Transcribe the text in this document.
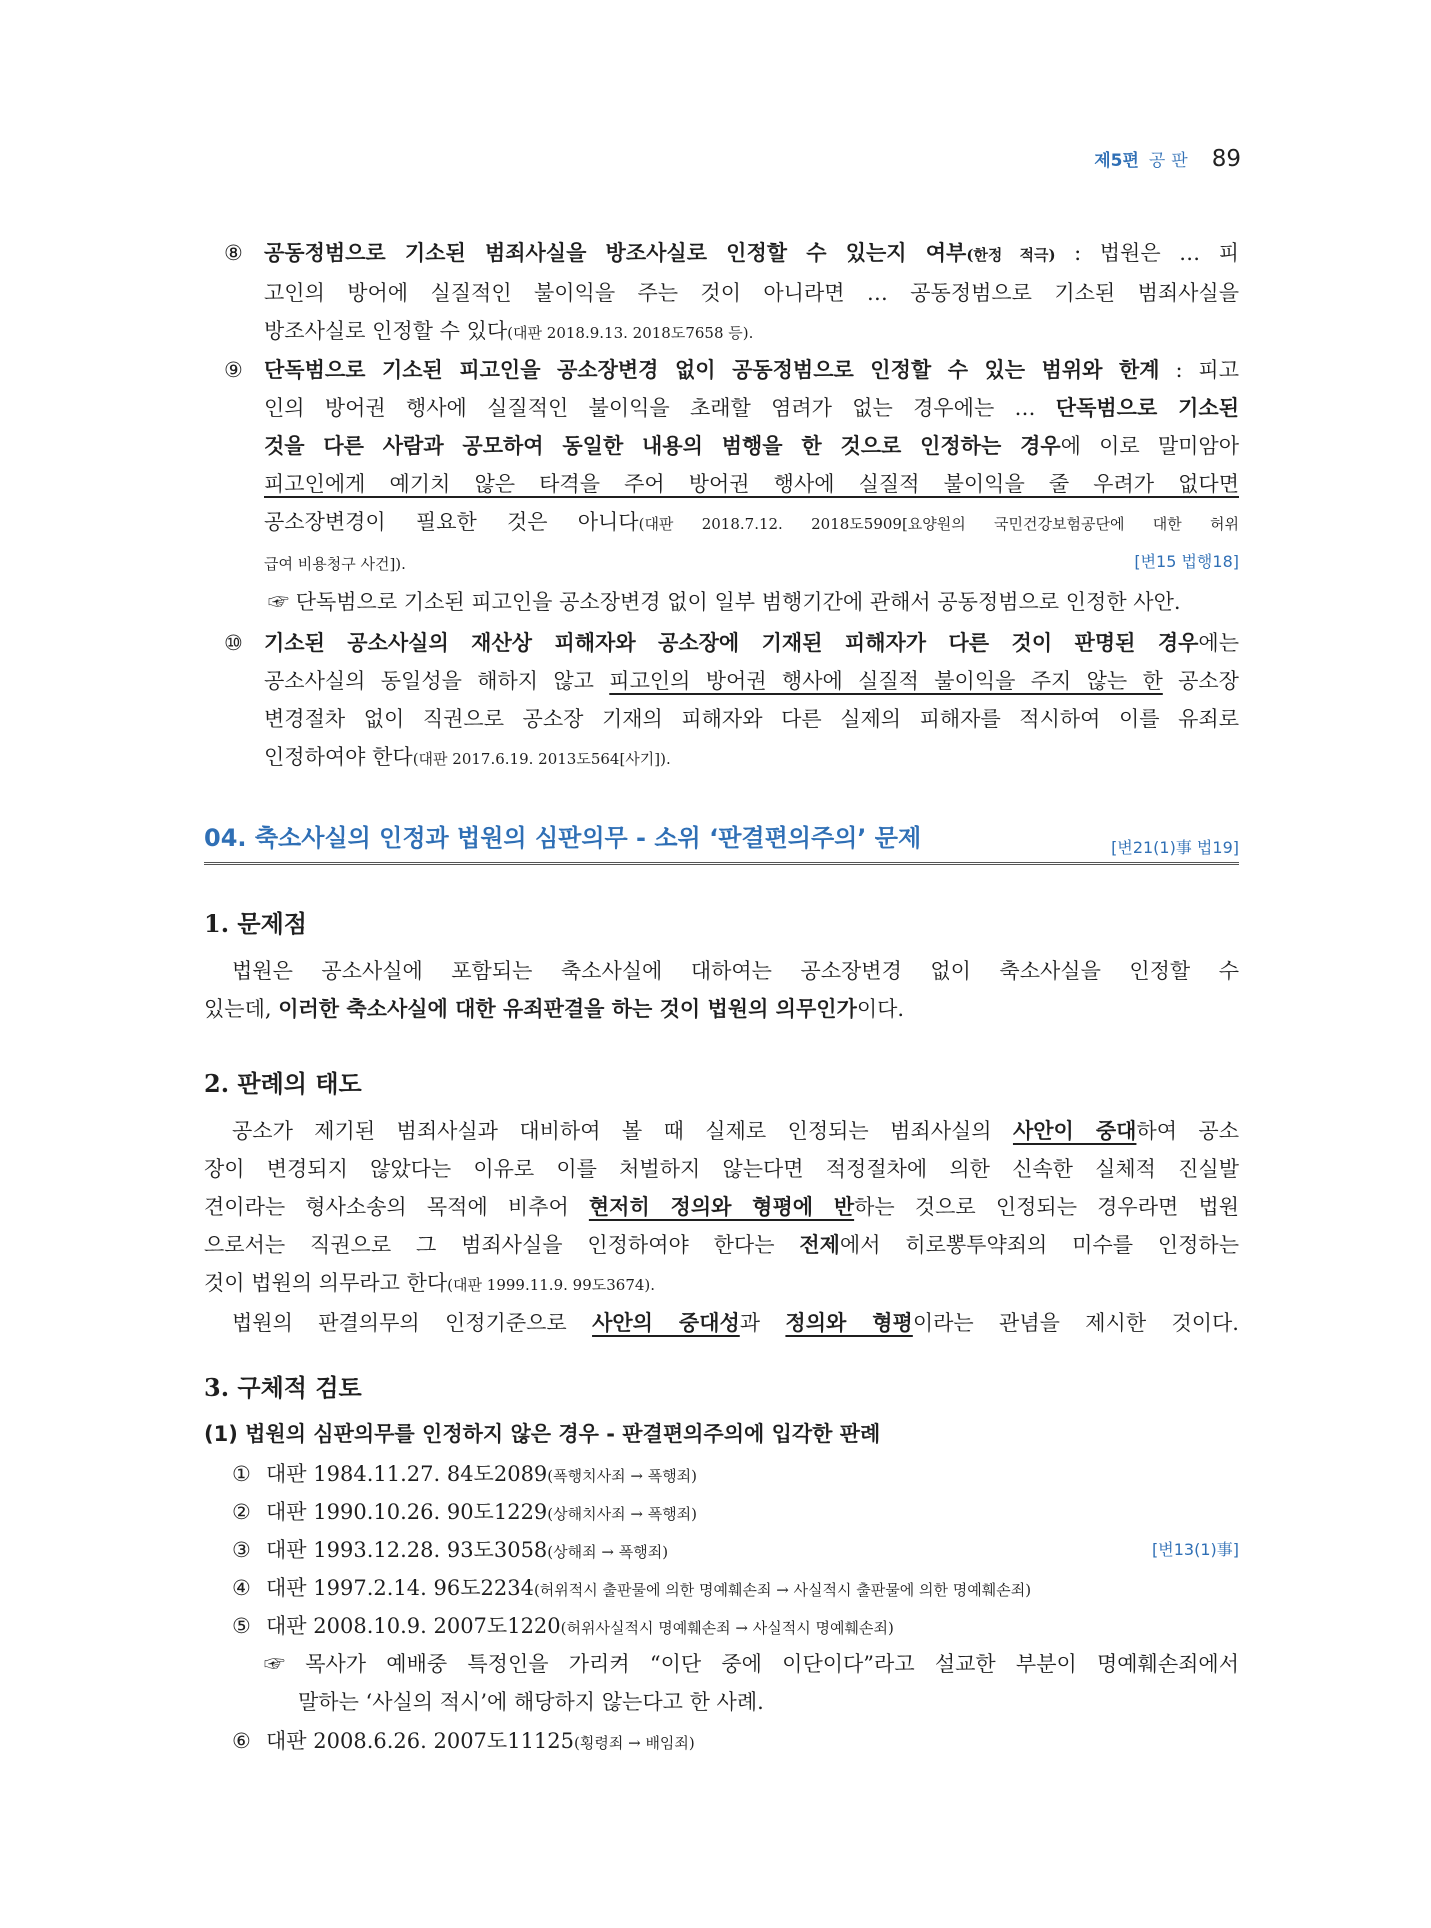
제5편 공판 89
⑧	공동정범으로 기소된 범죄사실을 방조사실로 인정할 수 있는지 여부(한정 적극) : 법원은 … 피
고인의 방어에 실질적인 불이익을 주는 것이 아니라면 … 공동정범으로 기소된 범죄사실을
방조사실로 인정할 수 있다(대판 2018.9.13. 2018도7658 등).
⑨	단독범으로 기소된 피고인을 공소장변경 없이 공동정범으로 인정할 수 있는 범위와 한계 : 피고
인의 방어권 행사에 실질적인 불이익을 초래할 염려가 없는 경우에는 … 단독범으로 기소된
것을 다른 사람과 공모하여 동일한 내용의 범행을 한 것으로 인정하는 경우에 이로 말미암아
피고인에게 예기치 않은 타격을 주어 방어권 행사에 실질적 불이익을 줄 우려가 없다면
공소장변경이 필요한 것은 아니다(대판 2018.7.12. 2018도5909[요양원의 국민건강보험공단에 대한 허위
급여 비용청구 사건]).	[변15 법행18]
☞ 단독범으로 기소된 피고인을 공소장변경 없이 일부 범행기간에 관해서 공동정범으로 인정한 사안.
⑩	기소된 공소사실의 재산상 피해자와 공소장에 기재된 피해자가 다른 것이 판명된 경우에는
공소사실의 동일성을 해하지 않고 피고인의 방어권 행사에 실질적 불이익을 주지 않는 한 공소장
변경절차 없이 직권으로 공소장 기재의 피해자와 다른 실제의 피해자를 적시하여 이를 유죄로
인정하여야 한다(대판 2017.6.19. 2013도564[사기]).
04. 축소사실의 인정과 법원의 심판의무 - 소위 ‘판결편의주의’ 문제	[변21(1)事 법19]
1. 문제점
법원은 공소사실에 포함되는 축소사실에 대하여는 공소장변경 없이 축소사실을 인정할 수
있는데, 이러한 축소사실에 대한 유죄판결을 하는 것이 법원의 의무인가이다.
2. 판례의 태도
공소가 제기된 범죄사실과 대비하여 볼 때 실제로 인정되는 범죄사실의 사안이 중대하여 공소
장이 변경되지 않았다는 이유로 이를 처벌하지 않는다면 적정절차에 의한 신속한 실체적 진실발
견이라는 형사소송의 목적에 비추어 현저히 정의와 형평에 반하는 것으로 인정되는 경우라면 법원
으로서는 직권으로 그 범죄사실을 인정하여야 한다는 전제에서 히로뽕투약죄의 미수를 인정하는
것이 법원의 의무라고 한다(대판 1999.11.9. 99도3674).
법원의 판결의무의 인정기준으로 사안의 중대성과 정의와 형평이라는 관념을 제시한 것이다.
3. 구체적 검토
(1) 법원의 심판의무를 인정하지 않은 경우 - 판결편의주의에 입각한 판례
① 대판 1984.11.27. 84도2089(폭행치사죄 → 폭행죄)
② 대판 1990.10.26. 90도1229(상해치사죄 → 폭행죄)
③ 대판 1993.12.28. 93도3058(상해죄 → 폭행죄)	[변13(1)事]
④ 대판 1997.2.14. 96도2234(허위적시 출판물에 의한 명예훼손죄 → 사실적시 출판물에 의한 명예훼손죄)
⑤ 대판 2008.10.9. 2007도1220(허위사실적시 명예훼손죄 → 사실적시 명예훼손죄)
☞ 목사가 예배중 특정인을 가리켜 “이단 중에 이단이다”라고 설교한 부분이 명예훼손죄에서
말하는 ‘사실의 적시’에 해당하지 않는다고 한 사례.
⑥ 대판 2008.6.26. 2007도11125(횡령죄 → 배임죄)
